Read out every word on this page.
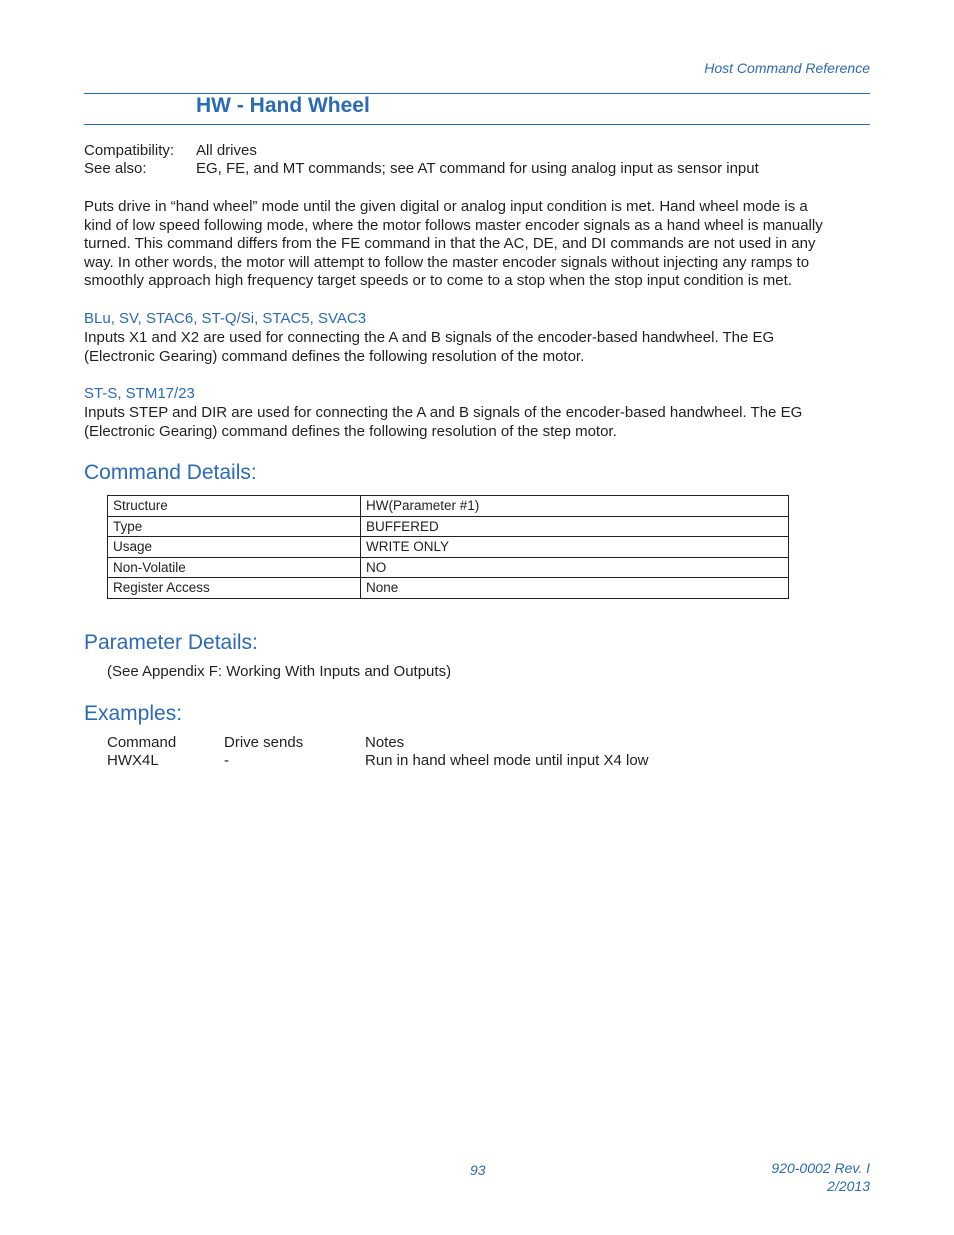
Host Command Reference
HW - Hand Wheel
Compatibility: All drives
See also:	EG, FE, and MT commands; see AT command for using analog input as sensor input
Puts drive in “hand wheel” mode until the given digital or analog input condition is met. Hand wheel mode is a
kind of low speed following mode, where the motor follows master encoder signals as a hand wheel is manually
turned. This command differs from the FE command in that the AC, DE, and DI commands are not used in any
way. In other words, the motor will attempt to follow the master encoder signals without injecting any ramps to
smoothly approach high frequency target speeds or to come to a stop when the stop input condition is met.
BLu, SV, STAC6, ST-Q/Si, STAC5, SVAC3
Inputs X1 and X2 are used for connecting the A and B signals of the encoder-based handwheel. The EG
(Electronic Gearing) command defines the following resolution of the motor.
ST-S, STM17/23
Inputs STEP and DIR are used for connecting the A and B signals of the encoder-based handwheel. The EG
(Electronic Gearing) command defines the following resolution of the step motor.
Command Details:
Structure	HW(Parameter #1)
Type	BUFFERED
Usage	WRITE ONLY
Non-Volatile	NO
Register Access	None
Parameter Details:
(See Appendix F: Working With Inputs and Outputs)
Examples:
Command	Drive sends	Notes
HWX4L	-	Run in hand wheel mode until input X4 low
93	920-0002 Rev. I
2/2013
